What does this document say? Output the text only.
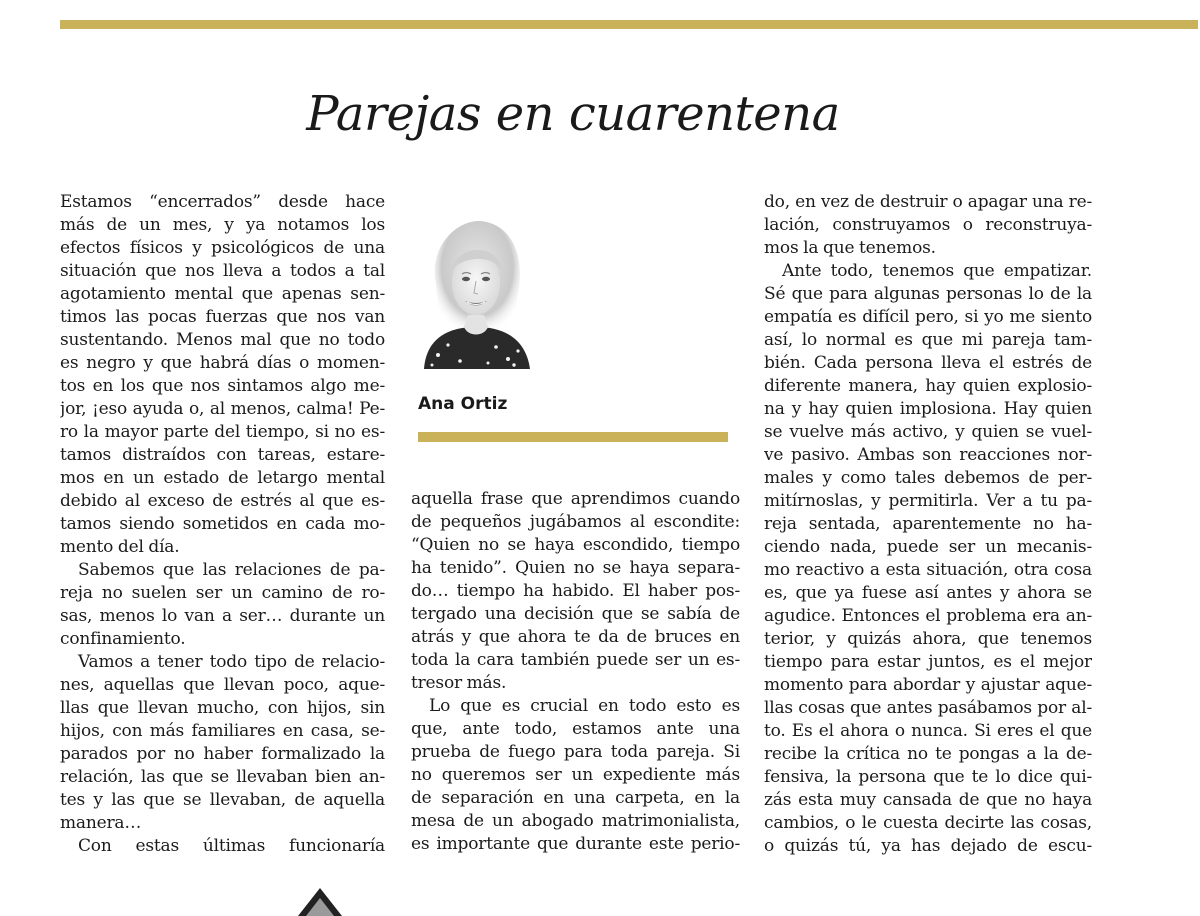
Parejas en cuarentena
Estamos “encerrados” desde hace
más de un mes, y ya notamos los
efectos físicos y psicológicos de una
situación que nos lleva a todos a tal
agotamiento mental que apenas sen-
timos las pocas fuerzas que nos van
sustentando. Menos mal que no todo
es negro y que habrá días o momen-
tos en los que nos sintamos algo me-
jor, ¡eso ayuda o, al menos, calma! Pe-
ro la mayor parte del tiempo, si no es-
tamos distraídos con tareas, estare-
mos en un estado de letargo mental
debido al exceso de estrés al que es-
tamos siendo sometidos en cada mo-
mento del día.
Sabemos que las relaciones de pa-
reja no suelen ser un camino de ro-
sas, menos lo van a ser… durante un
confinamiento.
Vamos a tener todo tipo de relacio-
nes, aquellas que llevan poco, aque-
llas que llevan mucho, con hijos, sin
hijos, con más familiares en casa, se-
parados por no haber formalizado la
relación, las que se llevaban bien an-
tes y las que se llevaban, de aquella
manera…
Con estas últimas funcionaría
Ana Ortiz
aquella frase que aprendimos cuando
de pequeños jugábamos al escondite:
“Quien no se haya escondido, tiempo
ha tenido”. Quien no se haya separa-
do… tiempo ha habido. El haber pos-
tergado una decisión que se sabía de
atrás y que ahora te da de bruces en
toda la cara también puede ser un es-
tresor más.
Lo que es crucial en todo esto es
que, ante todo, estamos ante una
prueba de fuego para toda pareja. Si
no queremos ser un expediente más
de separación en una carpeta, en la
mesa de un abogado matrimonialista,
es importante que durante este perio-
do, en vez de destruir o apagar una re-
lación, construyamos o reconstruya-
mos la que tenemos.
Ante todo, tenemos que empatizar.
Sé que para algunas personas lo de la
empatía es difícil pero, si yo me siento
así, lo normal es que mi pareja tam-
bién. Cada persona lleva el estrés de
diferente manera, hay quien explosio-
na y hay quien implosiona. Hay quien
se vuelve más activo, y quien se vuel-
ve pasivo. Ambas son reacciones nor-
males y como tales debemos de per-
mitírnoslas, y permitirla. Ver a tu pa-
reja sentada, aparentemente no ha-
ciendo nada, puede ser un mecanis-
mo reactivo a esta situación, otra cosa
es, que ya fuese así antes y ahora se
agudice. Entonces el problema era an-
terior, y quizás ahora, que tenemos
tiempo para estar juntos, es el mejor
momento para abordar y ajustar aque-
llas cosas que antes pasábamos por al-
to. Es el ahora o nunca. Si eres el que
recibe la crítica no te pongas a la de-
fensiva, la persona que te lo dice qui-
zás esta muy cansada de que no haya
cambios, o le cuesta decirte las cosas,
o quizás tú, ya has dejado de escu-
